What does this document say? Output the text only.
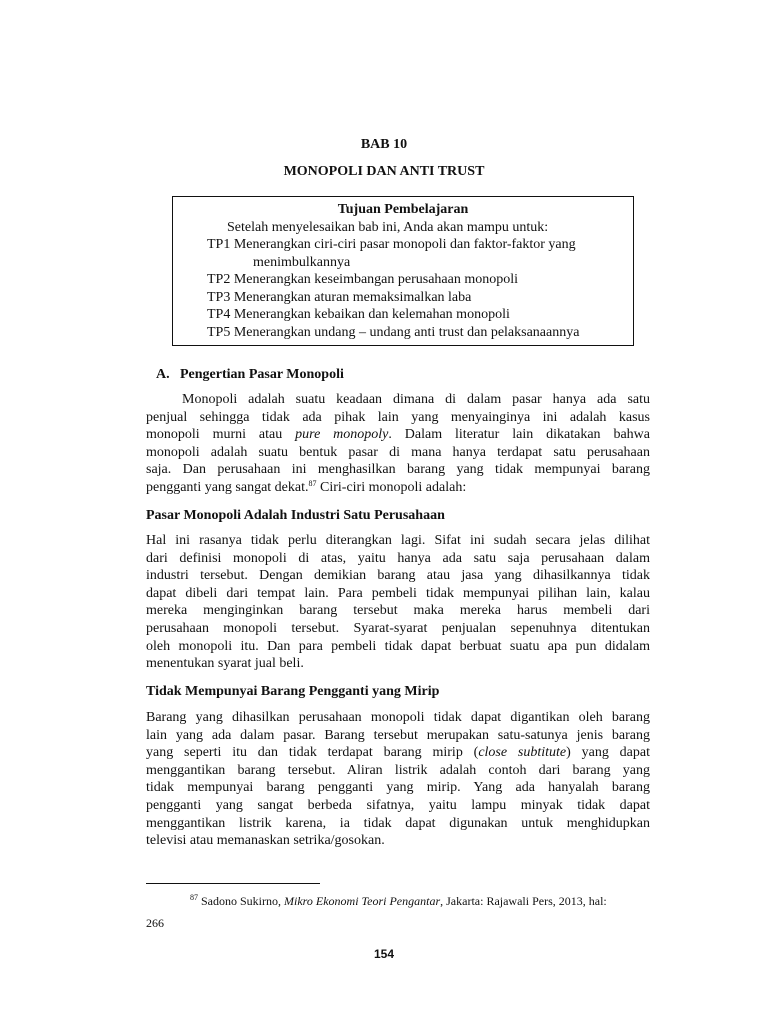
BAB 10
MONOPOLI DAN ANTI TRUST
Tujuan Pembelajaran
Setelah menyelesaikan bab ini, Anda akan mampu untuk:
TP1 Menerangkan ciri-ciri pasar monopoli dan faktor-faktor yang
menimbulkannya
TP2 Menerangkan keseimbangan perusahaan monopoli
TP3 Menerangkan aturan memaksimalkan laba
TP4 Menerangkan kebaikan dan kelemahan monopoli
TP5 Menerangkan undang – undang anti trust dan pelaksanaannya
A. Pengertian Pasar Monopoli
Monopoli adalah suatu keadaan dimana di dalam pasar hanya ada satu
penjual sehingga tidak ada pihak lain yang menyainginya ini adalah kasus
monopoli murni atau pure monopoly. Dalam literatur lain dikatakan bahwa
monopoli adalah suatu bentuk pasar di mana hanya terdapat satu perusahaan
saja. Dan perusahaan ini menghasilkan barang yang tidak mempunyai barang
pengganti yang sangat dekat.$^{87}$ Ciri-ciri monopoli adalah:
Pasar Monopoli Adalah Industri Satu Perusahaan
Hal ini rasanya tidak perlu diterangkan lagi. Sifat ini sudah secara jelas dilihat
dari definisi monopoli di atas, yaitu hanya ada satu saja perusahaan dalam
industri tersebut. Dengan demikian barang atau jasa yang dihasilkannya tidak
dapat dibeli dari tempat lain. Para pembeli tidak mempunyai pilihan lain, kalau
mereka menginginkan barang tersebut maka mereka harus membeli dari
perusahaan monopoli tersebut. Syarat-syarat penjualan sepenuhnya ditentukan
oleh monopoli itu. Dan para pembeli tidak dapat berbuat suatu apa pun didalam
menentukan syarat jual beli.
Tidak Mempunyai Barang Pengganti yang Mirip
Barang yang dihasilkan perusahaan monopoli tidak dapat digantikan oleh barang
lain yang ada dalam pasar. Barang tersebut merupakan satu-satunya jenis barang
yang seperti itu dan tidak terdapat barang mirip (close subtitute) yang dapat
menggantikan barang tersebut. Aliran listrik adalah contoh dari barang yang
tidak mempunyai barang pengganti yang mirip. Yang ada hanyalah barang
pengganti yang sangat berbeda sifatnya, yaitu lampu minyak tidak dapat
menggantikan listrik karena, ia tidak dapat digunakan untuk menghidupkan
televisi atau memanaskan setrika/gosokan.
$^{87}$ Sadono Sukirno, Mikro Ekonomi Teori Pengantar, Jakarta: Rajawali Pers, 2013, hal:
266
154
